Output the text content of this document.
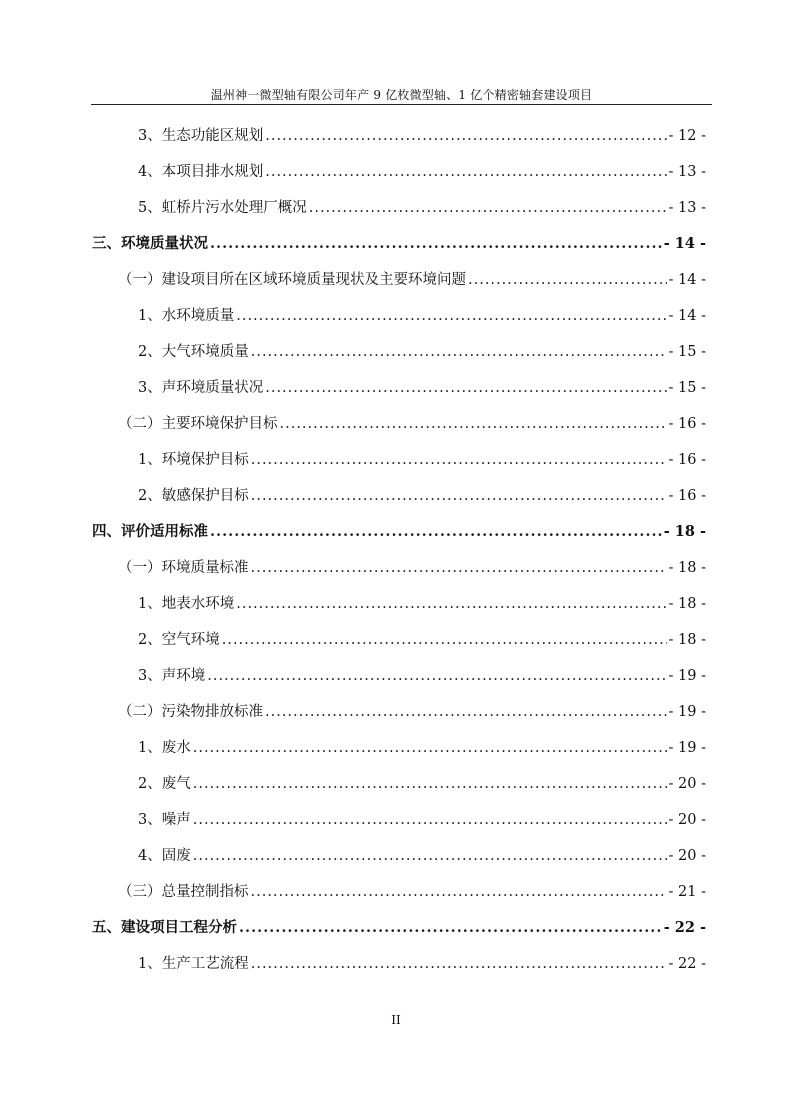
温州神一微型轴有限公司年产 9 亿枚微型轴、1 亿个精密轴套建设项目
3、生态功能区规划 .....	- 12 -
4、本项目排水规划 .....	- 13 -
5、虹桥片污水处理厂概况 .....	- 13 -
三、环境质量状况 .....	- 14 -
（一）建设项目所在区域环境质量现状及主要环境问题 .....	- 14 -
1、水环境质量 .....	- 14 -
2、大气环境质量 .....	- 15 -
3、声环境质量状况 .....	- 15 -
（二）主要环境保护目标 .....	- 16 -
1、环境保护目标 .....	- 16 -
2、敏感保护目标 .....	- 16 -
四、评价适用标准 .....	- 18 -
（一）环境质量标准 .....	- 18 -
1、地表水环境 .....	- 18 -
2、空气环境 .....	- 18 -
3、声环境 .....	- 19 -
（二）污染物排放标准 .....	- 19 -
1、废水 .....	- 19 -
2、废气 .....	- 20 -
3、噪声 .....	- 20 -
4、固废 .....	- 20 -
（三）总量控制指标 .....	- 21 -
五、建设项目工程分析 .....	- 22 -
1、生产工艺流程 .....	- 22 -
II
